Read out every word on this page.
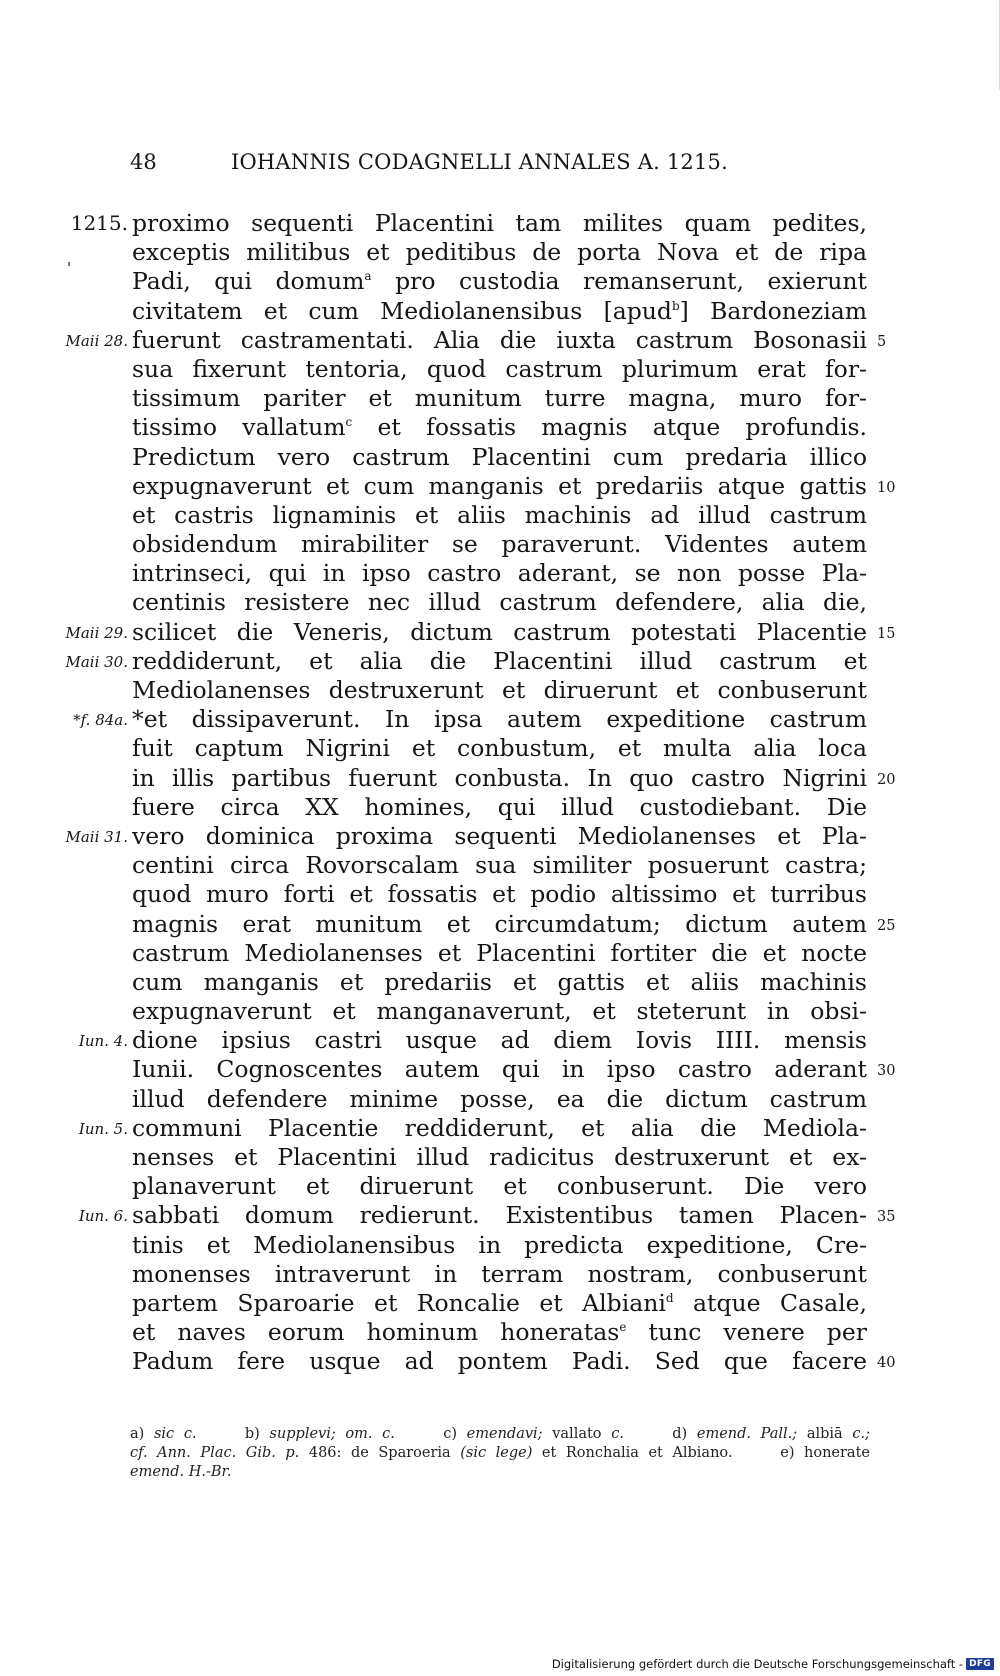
48	IOHANNIS CODAGNELLI ANNALES A. 1215.
1215. proximo sequenti Placentini tam milites quam pedites,
exceptis militibus et peditibus de porta Nova et de ripa
Padi, qui domum$^a$ pro custodia remanserunt, exierunt
civitatem et cum Mediolanensibus [apud$^b$] Bardoneziam
Maii 28. fuerunt castramentati. Alia die iuxta castrum Bosonasii 5
sua fixerunt tentoria, quod castrum plurimum erat for-
tissimum pariter et munitum turre magna, muro for-
tissimo vallatum$^c$ et fossatis magnis atque profundis.
Predictum vero castrum Placentini cum predaria illico
expugnaverunt et cum manganis et predariis atque gattis 10
et castris lignaminis et aliis machinis ad illud castrum
obsidendum mirabiliter se paraverunt. Videntes autem
intrinseci, qui in ipso castro aderant, se non posse Pla-
centinis resistere nec illud castrum defendere, alia die,
Maii 29. scilicet die Veneris, dictum castrum potestati Placentie 15
Maii 30. reddiderunt, et alia die Placentini illud castrum et
Mediolanenses destruxerunt et diruerunt et conbuserunt
*f. 84a. *et dissipaverunt. In ipsa autem expeditione castrum
fuit captum Nigrini et conbustum, et multa alia loca
in illis partibus fuerunt conbusta. In quo castro Nigrini 20
fuere circa XX homines, qui illud custodiebant. Die
Maii 31. vero dominica proxima sequenti Mediolanenses et Pla-
centini circa Rovorscalam sua similiter posuerunt castra;
quod muro forti et fossatis et podio altissimo et turribus
magnis erat munitum et circumdatum; dictum autem 25
castrum Mediolanenses et Placentini fortiter die et nocte
cum manganis et predariis et gattis et aliis machinis
expugnaverunt et manganaverunt, et steterunt in obsi-
Iun. 4. dione ipsius castri usque ad diem Iovis IIII. mensis
Iunii. Cognoscentes autem qui in ipso castro aderant 30
illud defendere minime posse, ea die dictum castrum
Iun. 5. communi Placentie reddiderunt, et alia die Mediola-
nenses et Placentini illud radicitus destruxerunt et ex-
planaverunt et diruerunt et conbuserunt. Die vero
Iun. 6. sabbati domum redierunt. Existentibus tamen Placen- 35
tinis et Mediolanensibus in predicta expeditione, Cre-
monenses intraverunt in terram nostram, conbuserunt
partem Sparoarie et Roncalie et Albiani$^d$ atque Casale,
et naves eorum hominum honeratas$^e$ tunc venere per
Padum fere usque ad pontem Padi. Sed que facere 40
a) sic c.     b) supplevi; om. c.     c) emendavi; vallato c.     d) emend. Pall.; albiā c.;
cf. Ann. Plac. Gib. p. 486: de Sparoeria (sic lege) et Ronchalia et Albiano.     e) honerate
emend. H.-Br.
Digitalisierung gefördert durch die Deutsche Forschungsgemeinschaft - DFG
